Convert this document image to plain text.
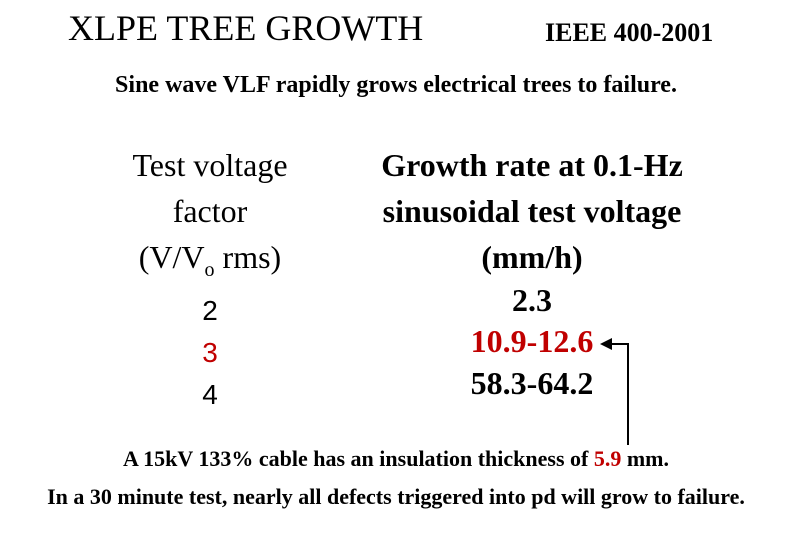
XLPE TREE GROWTH	IEEE 400-2001
Sine wave VLF rapidly grows electrical trees to failure.
Test voltage
factor
($V/V_o$ rms)
2
3
4
Growth rate at 0.1-Hz
sinusoidal test voltage
(mm/h)
2.3
10.9-12.6
58.3-64.2
A 15kV 133% cable has an insulation thickness of 5.9 mm.
In a 30 minute test, nearly all defects triggered into pd will grow to failure.
